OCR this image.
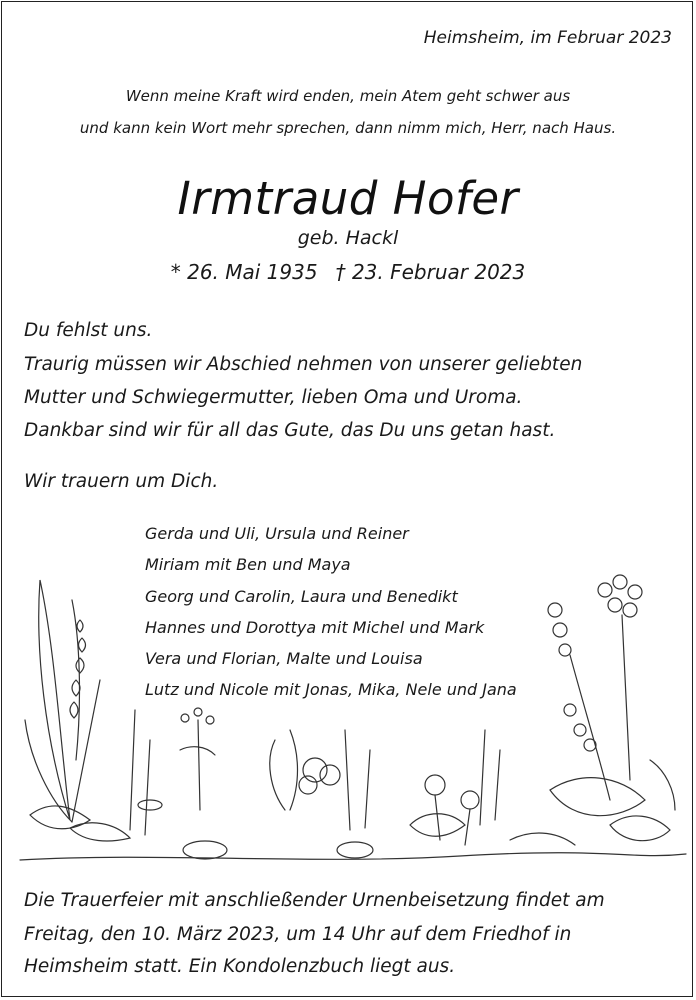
Heimsheim, im Februar 2023
Wenn meine Kraft wird enden, mein Atem geht schwer aus
und kann kein Wort mehr sprechen, dann nimm mich, Herr, nach Haus.
Irmtraud Hofer
geb. Hackl
* 26. Mai 1935 † 23. Februar 2023
Du fehlst uns.
Traurig müssen wir Abschied nehmen von unserer geliebten
Mutter und Schwiegermutter, lieben Oma und Uroma.
Dankbar sind wir für all das Gute, das Du uns getan hast.
Wir trauern um Dich.
Gerda und Uli, Ursula und Reiner
Miriam mit Ben und Maya
Georg und Carolin, Laura und Benedikt
Hannes und Dorottya mit Michel und Mark
Vera und Florian, Malte und Louisa
Lutz und Nicole mit Jonas, Mika, Nele und Jana
Die Trauerfeier mit anschließender Urnenbeisetzung findet am
Freitag, den 10. März 2023, um 14 Uhr auf dem Friedhof in
Heimsheim statt. Ein Kondolenzbuch liegt aus.
